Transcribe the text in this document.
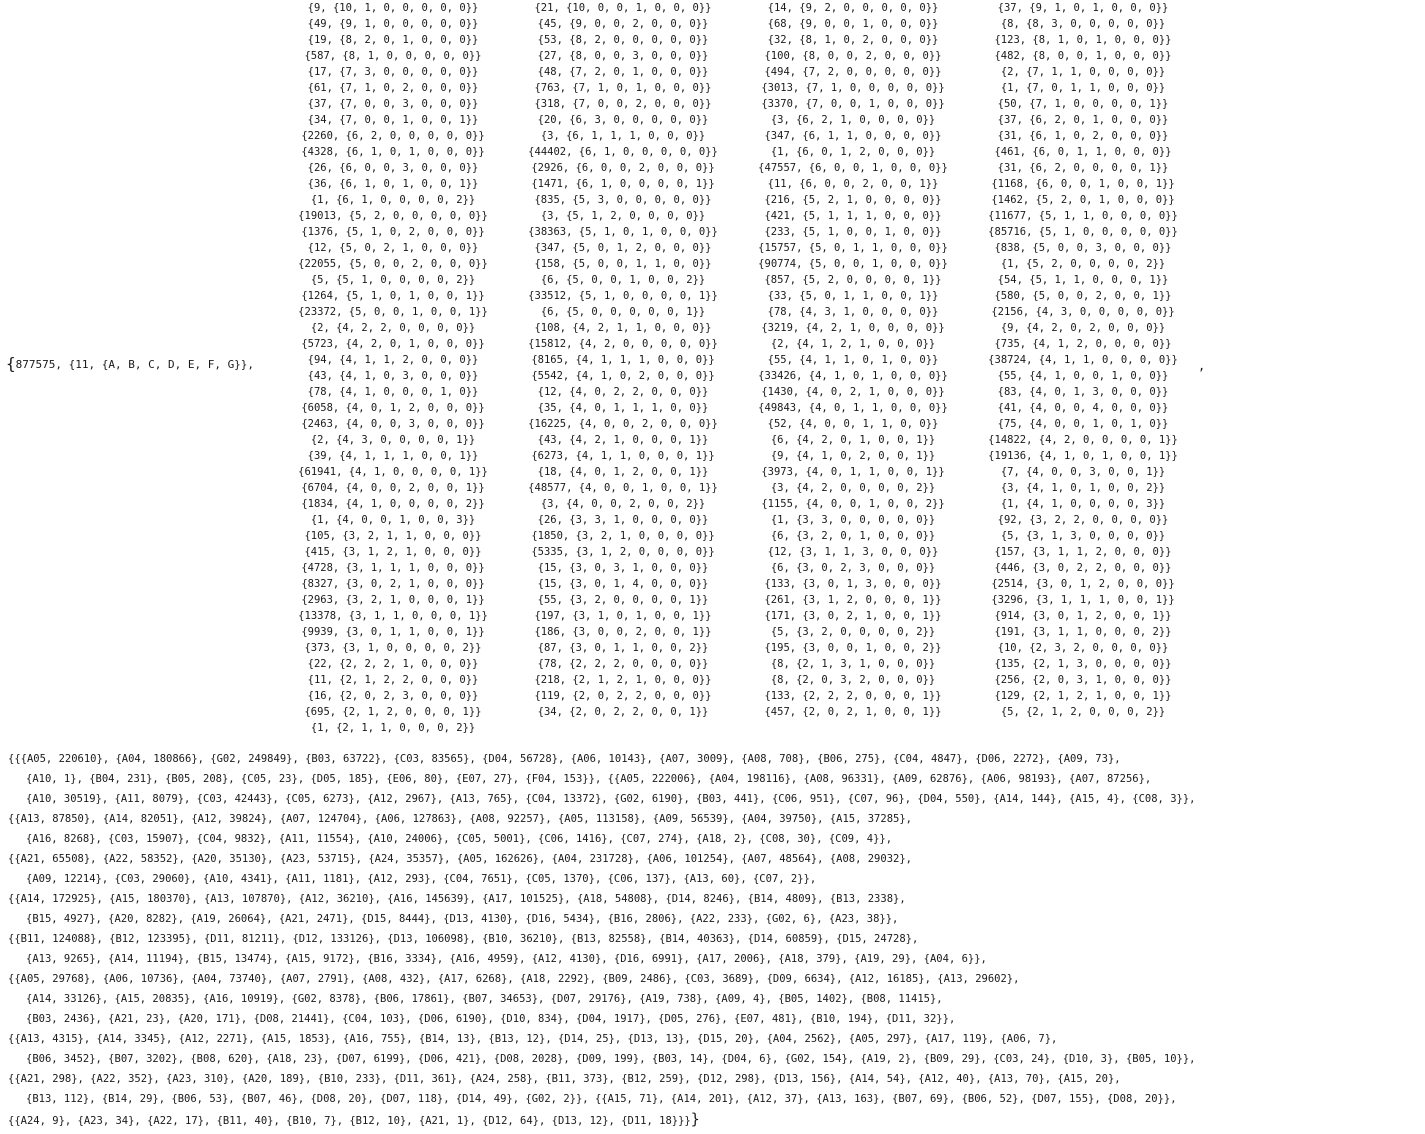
{877575, {11, {A, B, C, D, E, F, G}},
{9, {10, 1, 0, 0, 0, 0, 0}}
{49, {9, 1, 0, 0, 0, 0, 0}}
{19, {8, 2, 0, 1, 0, 0, 0}}
{587, {8, 1, 0, 0, 0, 0, 0}}
{17, {7, 3, 0, 0, 0, 0, 0}}
{61, {7, 1, 0, 2, 0, 0, 0}}
{37, {7, 0, 0, 3, 0, 0, 0}}
{34, {7, 0, 0, 1, 0, 0, 1}}
{2260, {6, 2, 0, 0, 0, 0, 0}}
{4328, {6, 1, 0, 1, 0, 0, 0}}
{26, {6, 0, 0, 3, 0, 0, 0}}
{36, {6, 1, 0, 1, 0, 0, 1}}
{1, {6, 1, 0, 0, 0, 0, 2}}
{19013, {5, 2, 0, 0, 0, 0, 0}}
{1376, {5, 1, 0, 2, 0, 0, 0}}
{12, {5, 0, 2, 1, 0, 0, 0}}
{22055, {5, 0, 0, 2, 0, 0, 0}}
{5, {5, 1, 0, 0, 0, 0, 2}}
{1264, {5, 1, 0, 1, 0, 0, 1}}
{23372, {5, 0, 0, 1, 0, 0, 1}}
{2, {4, 2, 2, 0, 0, 0, 0}}
{5723, {4, 2, 0, 1, 0, 0, 0}}
{94, {4, 1, 1, 2, 0, 0, 0}}
{43, {4, 1, 0, 3, 0, 0, 0}}
{78, {4, 1, 0, 0, 0, 1, 0}}
{6058, {4, 0, 1, 2, 0, 0, 0}}
{2463, {4, 0, 0, 3, 0, 0, 0}}
{2, {4, 3, 0, 0, 0, 0, 1}}
{39, {4, 1, 1, 1, 0, 0, 1}}
{61941, {4, 1, 0, 0, 0, 0, 1}}
{6704, {4, 0, 0, 2, 0, 0, 1}}
{1834, {4, 1, 0, 0, 0, 0, 2}}
{1, {4, 0, 0, 1, 0, 0, 3}}
{105, {3, 2, 1, 1, 0, 0, 0}}
{415, {3, 1, 2, 1, 0, 0, 0}}
{4728, {3, 1, 1, 1, 0, 0, 0}}
{8327, {3, 0, 2, 1, 0, 0, 0}}
{2963, {3, 2, 1, 0, 0, 0, 1}}
{13378, {3, 1, 1, 0, 0, 0, 1}}
{9939, {3, 0, 1, 1, 0, 0, 1}}
{373, {3, 1, 0, 0, 0, 0, 2}}
{22, {2, 2, 2, 1, 0, 0, 0}}
{11, {2, 1, 2, 2, 0, 0, 0}}
{16, {2, 0, 2, 3, 0, 0, 0}}
{695, {2, 1, 2, 0, 0, 0, 1}}
{1, {2, 1, 1, 0, 0, 0, 2}}
{21, {10, 0, 0, 1, 0, 0, 0}}
{45, {9, 0, 0, 2, 0, 0, 0}}
{53, {8, 2, 0, 0, 0, 0, 0}}
{27, {8, 0, 0, 3, 0, 0, 0}}
{48, {7, 2, 0, 1, 0, 0, 0}}
{763, {7, 1, 0, 1, 0, 0, 0}}
{318, {7, 0, 0, 2, 0, 0, 0}}
{20, {6, 3, 0, 0, 0, 0, 0}}
{3, {6, 1, 1, 1, 0, 0, 0}}
{44402, {6, 1, 0, 0, 0, 0, 0}}
{2926, {6, 0, 0, 2, 0, 0, 0}}
{1471, {6, 1, 0, 0, 0, 0, 1}}
{835, {5, 3, 0, 0, 0, 0, 0}}
{3, {5, 1, 2, 0, 0, 0, 0}}
{38363, {5, 1, 0, 1, 0, 0, 0}}
{347, {5, 0, 1, 2, 0, 0, 0}}
{158, {5, 0, 0, 1, 1, 0, 0}}
{6, {5, 0, 0, 1, 0, 0, 2}}
{33512, {5, 1, 0, 0, 0, 0, 1}}
{6, {5, 0, 0, 0, 0, 0, 1}}
{108, {4, 2, 1, 1, 0, 0, 0}}
{15812, {4, 2, 0, 0, 0, 0, 0}}
{8165, {4, 1, 1, 1, 0, 0, 0}}
{5542, {4, 1, 0, 2, 0, 0, 0}}
{12, {4, 0, 2, 2, 0, 0, 0}}
{35, {4, 0, 1, 1, 1, 0, 0}}
{16225, {4, 0, 0, 2, 0, 0, 0}}
{43, {4, 2, 1, 0, 0, 0, 1}}
{6273, {4, 1, 1, 0, 0, 0, 1}}
{18, {4, 0, 1, 2, 0, 0, 1}}
{48577, {4, 0, 0, 1, 0, 0, 1}}
{3, {4, 0, 0, 2, 0, 0, 2}}
{26, {3, 3, 1, 0, 0, 0, 0}}
{1850, {3, 2, 1, 0, 0, 0, 0}}
{5335, {3, 1, 2, 0, 0, 0, 0}}
{15, {3, 0, 3, 1, 0, 0, 0}}
{15, {3, 0, 1, 4, 0, 0, 0}}
{55, {3, 2, 0, 0, 0, 0, 1}}
{197, {3, 1, 0, 1, 0, 0, 1}}
{186, {3, 0, 0, 2, 0, 0, 1}}
{87, {3, 0, 1, 1, 0, 0, 2}}
{78, {2, 2, 2, 0, 0, 0, 0}}
{218, {2, 1, 2, 1, 0, 0, 0}}
{119, {2, 0, 2, 2, 0, 0, 0}}
{34, {2, 0, 2, 2, 0, 0, 1}}
{14, {9, 2, 0, 0, 0, 0, 0}}
{68, {9, 0, 0, 1, 0, 0, 0}}
{32, {8, 1, 0, 2, 0, 0, 0}}
{100, {8, 0, 0, 2, 0, 0, 0}}
{494, {7, 2, 0, 0, 0, 0, 0}}
{3013, {7, 1, 0, 0, 0, 0, 0}}
{3370, {7, 0, 0, 1, 0, 0, 0}}
{3, {6, 2, 1, 0, 0, 0, 0}}
{347, {6, 1, 1, 0, 0, 0, 0}}
{1, {6, 0, 1, 2, 0, 0, 0}}
{47557, {6, 0, 0, 1, 0, 0, 0}}
{11, {6, 0, 0, 2, 0, 0, 1}}
{216, {5, 2, 1, 0, 0, 0, 0}}
{421, {5, 1, 1, 1, 0, 0, 0}}
{233, {5, 1, 0, 0, 1, 0, 0}}
{15757, {5, 0, 1, 1, 0, 0, 0}}
{90774, {5, 0, 0, 1, 0, 0, 0}}
{857, {5, 2, 0, 0, 0, 0, 1}}
{33, {5, 0, 1, 1, 0, 0, 1}}
{78, {4, 3, 1, 0, 0, 0, 0}}
{3219, {4, 2, 1, 0, 0, 0, 0}}
{2, {4, 1, 2, 1, 0, 0, 0}}
{55, {4, 1, 1, 0, 1, 0, 0}}
{33426, {4, 1, 0, 1, 0, 0, 0}}
{1430, {4, 0, 2, 1, 0, 0, 0}}
{49843, {4, 0, 1, 1, 0, 0, 0}}
{52, {4, 0, 0, 1, 1, 0, 0}}
{6, {4, 2, 0, 1, 0, 0, 1}}
{9, {4, 1, 0, 2, 0, 0, 1}}
{3973, {4, 0, 1, 1, 0, 0, 1}}
{3, {4, 2, 0, 0, 0, 0, 2}}
{1155, {4, 0, 0, 1, 0, 0, 2}}
{1, {3, 3, 0, 0, 0, 0, 0}}
{6, {3, 2, 0, 1, 0, 0, 0}}
{12, {3, 1, 1, 3, 0, 0, 0}}
{6, {3, 0, 2, 3, 0, 0, 0}}
{133, {3, 0, 1, 3, 0, 0, 0}}
{261, {3, 1, 2, 0, 0, 0, 1}}
{171, {3, 0, 2, 1, 0, 0, 1}}
{5, {3, 2, 0, 0, 0, 0, 2}}
{195, {3, 0, 0, 1, 0, 0, 2}}
{8, {2, 1, 3, 1, 0, 0, 0}}
{8, {2, 0, 3, 2, 0, 0, 0}}
{133, {2, 2, 2, 0, 0, 0, 1}}
{457, {2, 0, 2, 1, 0, 0, 1}}
{37, {9, 1, 0, 1, 0, 0, 0}}
{8, {8, 3, 0, 0, 0, 0, 0}}
{123, {8, 1, 0, 1, 0, 0, 0}}
{482, {8, 0, 0, 1, 0, 0, 0}}
{2, {7, 1, 1, 0, 0, 0, 0}}
{1, {7, 0, 1, 1, 0, 0, 0}}
{50, {7, 1, 0, 0, 0, 0, 1}}
{37, {6, 2, 0, 1, 0, 0, 0}}
{31, {6, 1, 0, 2, 0, 0, 0}}
{461, {6, 0, 1, 1, 0, 0, 0}}
{31, {6, 2, 0, 0, 0, 0, 1}}
{1168, {6, 0, 0, 1, 0, 0, 1}}
{1462, {5, 2, 0, 1, 0, 0, 0}}
{11677, {5, 1, 1, 0, 0, 0, 0}}
{85716, {5, 1, 0, 0, 0, 0, 0}}
{838, {5, 0, 0, 3, 0, 0, 0}}
{1, {5, 2, 0, 0, 0, 0, 2}}
{54, {5, 1, 1, 0, 0, 0, 1}}
{580, {5, 0, 0, 2, 0, 0, 1}}
{2156, {4, 3, 0, 0, 0, 0, 0}}
{9, {4, 2, 0, 2, 0, 0, 0}}
{735, {4, 1, 2, 0, 0, 0, 0}}
{38724, {4, 1, 1, 0, 0, 0, 0}}
{55, {4, 1, 0, 0, 1, 0, 0}}
{83, {4, 0, 1, 3, 0, 0, 0}}
{41, {4, 0, 0, 4, 0, 0, 0}}
{75, {4, 0, 0, 1, 0, 1, 0}}
{14822, {4, 2, 0, 0, 0, 0, 1}}
{19136, {4, 1, 0, 1, 0, 0, 1}}
{7, {4, 0, 0, 3, 0, 0, 1}}
{3, {4, 1, 0, 1, 0, 0, 2}}
{1, {4, 1, 0, 0, 0, 0, 3}}
{92, {3, 2, 2, 0, 0, 0, 0}}
{5, {3, 1, 3, 0, 0, 0, 0}}
{157, {3, 1, 1, 2, 0, 0, 0}}
{446, {3, 0, 2, 2, 0, 0, 0}}
{2514, {3, 0, 1, 2, 0, 0, 0}}
{3296, {3, 1, 1, 1, 0, 0, 1}}
{914, {3, 0, 1, 2, 0, 0, 1}}
{191, {3, 1, 1, 0, 0, 0, 2}}
{10, {2, 3, 2, 0, 0, 0, 0}}
{135, {2, 1, 3, 0, 0, 0, 0}}
{256, {2, 0, 3, 1, 0, 0, 0}}
{129, {2, 1, 2, 1, 0, 0, 1}}
{5, {2, 1, 2, 0, 0, 0, 2}}
,
{{{A05, 220610}, {A04, 180866}, {G02, 249849}, {B03, 63722}, {C03, 83565}, {D04, 56728}, {A06, 10143}, {A07, 3009}, {A08, 708}, {B06, 275}, {C04, 4847}, {D06, 2272}, {A09, 73},
{A10, 1}, {B04, 231}, {B05, 208}, {C05, 23}, {D05, 185}, {E06, 80}, {E07, 27}, {F04, 153}}, {{A05, 222006}, {A04, 198116}, {A08, 96331}, {A09, 62876}, {A06, 98193}, {A07, 87256},
{A10, 30519}, {A11, 8079}, {C03, 42443}, {C05, 6273}, {A12, 2967}, {A13, 765}, {C04, 13372}, {G02, 6190}, {B03, 441}, {C06, 951}, {C07, 96}, {D04, 550}, {A14, 144}, {A15, 4}, {C08, 3}},
{{A13, 87850}, {A14, 82051}, {A12, 39824}, {A07, 124704}, {A06, 127863}, {A08, 92257}, {A05, 113158}, {A09, 56539}, {A04, 39750}, {A15, 37285},
{A16, 8268}, {C03, 15907}, {C04, 9832}, {A11, 11554}, {A10, 24006}, {C05, 5001}, {C06, 1416}, {C07, 274}, {A18, 2}, {C08, 30}, {C09, 4}},
{{A21, 65508}, {A22, 58352}, {A20, 35130}, {A23, 53715}, {A24, 35357}, {A05, 162626}, {A04, 231728}, {A06, 101254}, {A07, 48564}, {A08, 29032},
{A09, 12214}, {C03, 29060}, {A10, 4341}, {A11, 1181}, {A12, 293}, {C04, 7651}, {C05, 1370}, {C06, 137}, {A13, 60}, {C07, 2}},
{{A14, 172925}, {A15, 180370}, {A13, 107870}, {A12, 36210}, {A16, 145639}, {A17, 101525}, {A18, 54808}, {D14, 8246}, {B14, 4809}, {B13, 2338},
{B15, 4927}, {A20, 8282}, {A19, 26064}, {A21, 2471}, {D15, 8444}, {D13, 4130}, {D16, 5434}, {B16, 2806}, {A22, 233}, {G02, 6}, {A23, 38}},
{{B11, 124088}, {B12, 123395}, {D11, 81211}, {D12, 133126}, {D13, 106098}, {B10, 36210}, {B13, 82558}, {B14, 40363}, {D14, 60859}, {D15, 24728},
{A13, 9265}, {A14, 11194}, {B15, 13474}, {A15, 9172}, {B16, 3334}, {A16, 4959}, {A12, 4130}, {D16, 6991}, {A17, 2006}, {A18, 379}, {A19, 29}, {A04, 6}},
{{A05, 29768}, {A06, 10736}, {A04, 73740}, {A07, 2791}, {A08, 432}, {A17, 6268}, {A18, 2292}, {B09, 2486}, {C03, 3689}, {D09, 6634}, {A12, 16185}, {A13, 29602},
{A14, 33126}, {A15, 20835}, {A16, 10919}, {G02, 8378}, {B06, 17861}, {B07, 34653}, {D07, 29176}, {A19, 738}, {A09, 4}, {B05, 1402}, {B08, 11415},
{B03, 2436}, {A21, 23}, {A20, 171}, {D08, 21441}, {C04, 103}, {D06, 6190}, {D10, 834}, {D04, 1917}, {D05, 276}, {E07, 481}, {B10, 194}, {D11, 32}},
{{A13, 4315}, {A14, 3345}, {A12, 2271}, {A15, 1853}, {A16, 755}, {B14, 13}, {B13, 12}, {D14, 25}, {D13, 13}, {D15, 20}, {A04, 2562}, {A05, 297}, {A17, 119}, {A06, 7},
{B06, 3452}, {B07, 3202}, {B08, 620}, {A18, 23}, {D07, 6199}, {D06, 421}, {D08, 2028}, {D09, 199}, {B03, 14}, {D04, 6}, {G02, 154}, {A19, 2}, {B09, 29}, {C03, 24}, {D10, 3}, {B05, 10}},
{{A21, 298}, {A22, 352}, {A23, 310}, {A20, 189}, {B10, 233}, {D11, 361}, {A24, 258}, {B11, 373}, {B12, 259}, {D12, 298}, {D13, 156}, {A14, 54}, {A12, 40}, {A13, 70}, {A15, 20},
{B13, 112}, {B14, 29}, {B06, 53}, {B07, 46}, {D08, 20}, {D07, 118}, {D14, 49}, {G02, 2}}, {{A15, 71}, {A14, 201}, {A12, 37}, {A13, 163}, {B07, 69}, {B06, 52}, {D07, 155}, {D08, 20}},
{{A24, 9}, {A23, 34}, {A22, 17}, {B11, 40}, {B10, 7}, {B12, 10}, {A21, 1}, {D12, 64}, {D13, 12}, {D11, 18}}}}
